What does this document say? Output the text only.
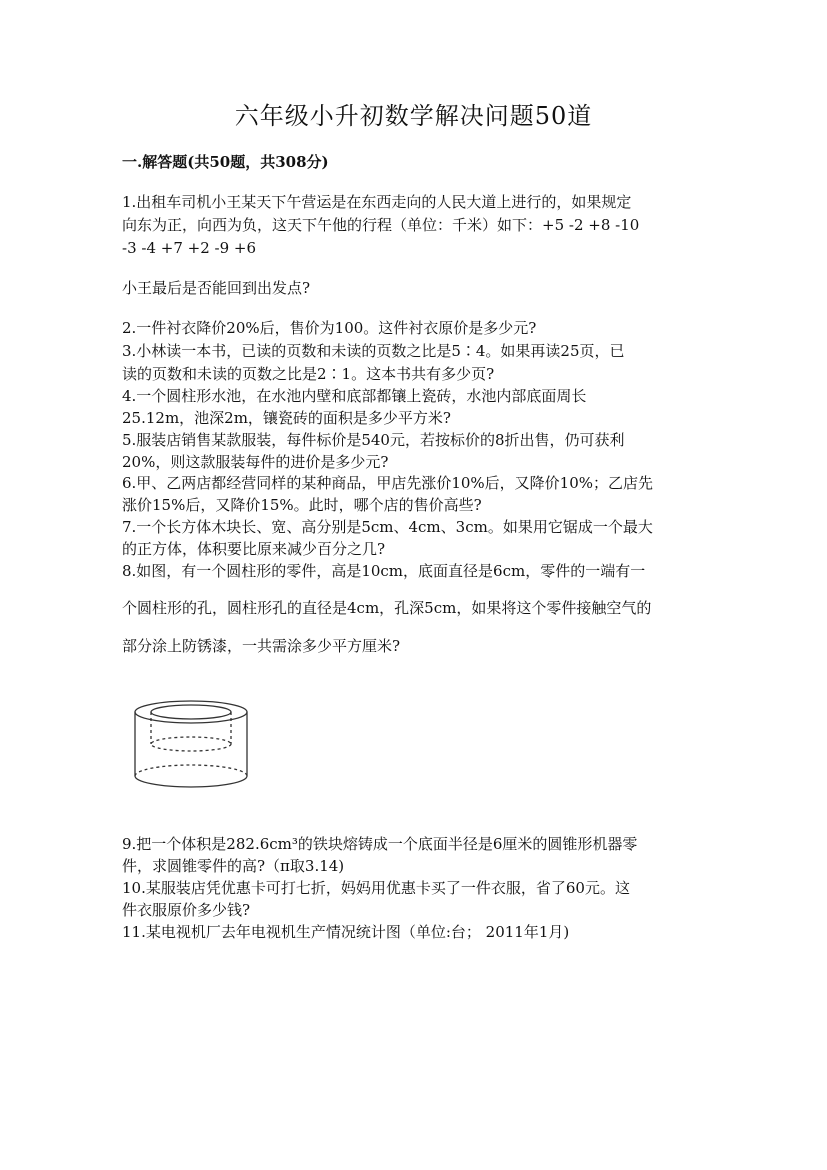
六年级小升初数学解决问题50道
一.解答题(共50题，共308分)
1.出租车司机小王某天下午营运是在东西走向的人民大道上进行的，如果规定
向东为正，向西为负，这天下午他的行程（单位：千米）如下：+5 -2 +8 -10
-3 -4 +7 +2 -9 +6
小王最后是否能回到出发点?
2.一件衬衣降价20%后，售价为100。这件衬衣原价是多少元?
3.小林读一本书，已读的页数和未读的页数之比是5∶4。如果再读25页，已
读的页数和未读的页数之比是2∶1。这本书共有多少页?
4.一个圆柱形水池，在水池内壁和底部都镶上瓷砖，水池内部底面周长
25.12m，池深2m，镶瓷砖的面积是多少平方米?
5.服装店销售某款服装，每件标价是540元，若按标价的8折出售，仍可获利
20%，则这款服装每件的进价是多少元?
6.甲、乙两店都经营同样的某种商品，甲店先涨价10%后，又降价10%；乙店先
涨价15%后，又降价15%。此时，哪个店的售价高些?
7.一个长方体木块长、宽、高分别是5cm、4cm、3cm。如果用它锯成一个最大
的正方体，体积要比原来减少百分之几?
8.如图，有一个圆柱形的零件，高是10cm，底面直径是6cm，零件的一端有一
个圆柱形的孔，圆柱形孔的直径是4cm，孔深5cm，如果将这个零件接触空气的
部分涂上防锈漆，一共需涂多少平方厘米?
9.把一个体积是282.6cm³的铁块熔铸成一个底面半径是6厘米的圆锥形机器零
件，求圆锥零件的高?（π取3.14)
10.某服装店凭优惠卡可打七折，妈妈用优惠卡买了一件衣服，省了60元。这
件衣服原价多少钱?
11.某电视机厂去年电视机生产情况统计图（单位:台； 2011年1月)
